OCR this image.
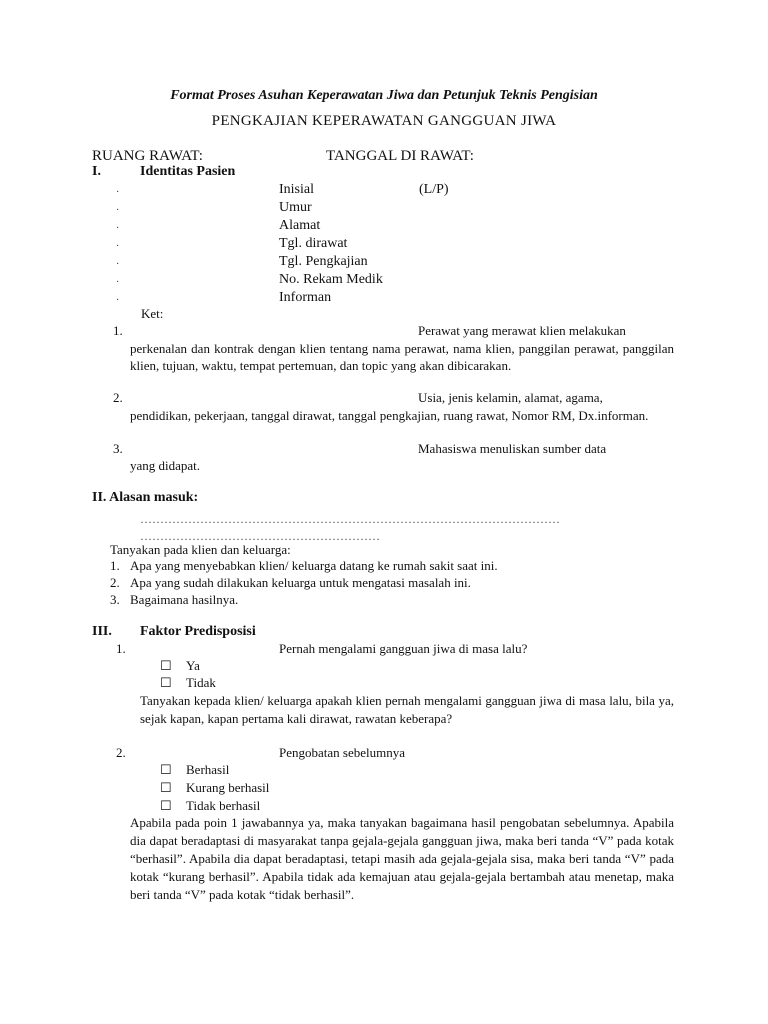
Format Proses Asuhan Keperawatan Jiwa dan Petunjuk Teknis Pengisian
PENGKAJIAN KEPERAWATAN GANGGUAN JIWA
RUANG RAWAT:	TANGGAL DI RAWAT:
I.	Identitas Pasien
·	Inisial	(L/P)
·	Umur
·	Alamat
·	Tgl. dirawat
·	Tgl. Pengkajian
·	No. Rekam Medik
·	Informan
Ket:
1.	Perawat yang merawat klien melakukan
perkenalan dan kontrak dengan klien tentang nama perawat, nama klien, panggilan perawat, panggilan klien, tujuan, waktu, tempat pertemuan, dan topic yang akan dibicarakan.
2.	Usia, jenis kelamin, alamat, agama,
pendidikan, pekerjaan, tanggal dirawat, tanggal pengkajian, ruang rawat, Nomor RM, Dx.informan.
3.	Mahasiswa menuliskan sumber data
yang didapat.
II. Alasan masuk:
……………………………………………………………………………………………
……………………………………………………
Tanyakan pada klien dan keluarga:
1. Apa yang menyebabkan klien/ keluarga datang ke rumah sakit saat ini.
2. Apa yang sudah dilakukan keluarga untuk mengatasi masalah ini.
3. Bagaimana hasilnya.
III. Faktor Predisposisi
1.	Pernah mengalami gangguan jiwa di masa lalu?
☐ Ya
☐ Tidak
Tanyakan kepada klien/ keluarga apakah klien pernah mengalami gangguan jiwa di masa lalu, bila ya, sejak kapan, kapan pertama kali dirawat, rawatan keberapa?
2.	Pengobatan sebelumnya
☐ Berhasil
☐ Kurang berhasil
☐ Tidak berhasil
Apabila pada poin 1 jawabannya ya, maka tanyakan bagaimana hasil pengobatan sebelumnya. Apabila dia dapat beradaptasi di masyarakat tanpa gejala-gejala gangguan jiwa, maka beri tanda “V” pada kotak “berhasil”. Apabila dia dapat beradaptasi, tetapi masih ada gejala-gejala sisa, maka beri tanda “V” pada kotak “kurang berhasil”. Apabila tidak ada kemajuan atau gejala-gejala bertambah atau menetap, maka beri tanda “V” pada kotak “tidak berhasil”.
